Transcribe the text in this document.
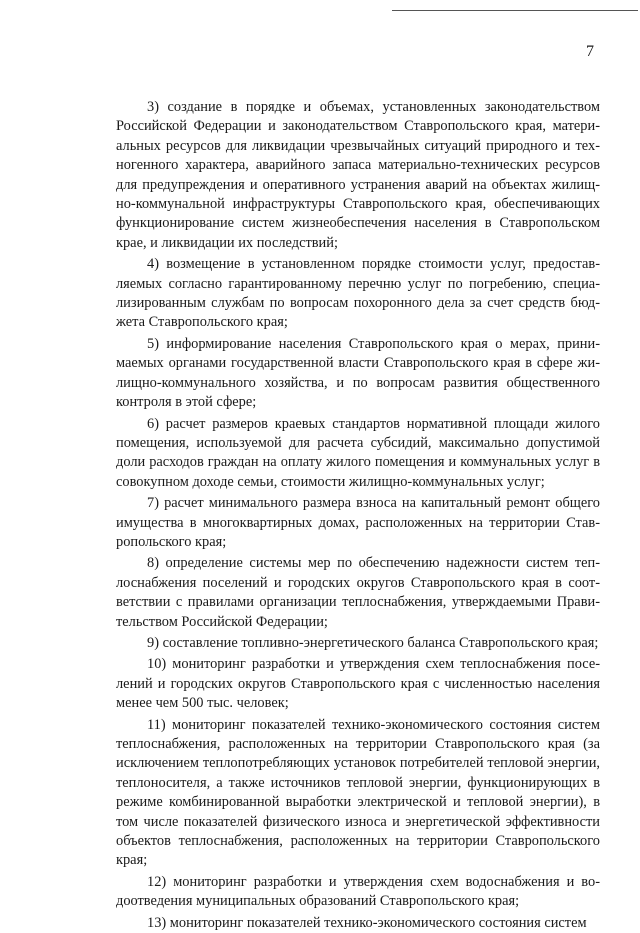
7

3) создание в порядке и объемах, установленных законодательством Российской Федерации и законодательством Ставропольского края, материальных ресурсов для ликвидации чрезвычайных ситуаций природного и техногенного характера, аварийного запаса материально-технических ресурсов для предупреждения и оперативного устранения аварий на объектах жилищно-коммунальной инфраструктуры Ставропольского края, обеспечивающих функционирование систем жизнеобеспечения населения в Ставропольском крае, и ликвидации их последствий;

4) возмещение в установленном порядке стоимости услуг, предоставляемых согласно гарантированному перечню услуг по погребению, специализированным службам по вопросам похоронного дела за счет средств бюджета Ставропольского края;

5) информирование населения Ставропольского края о мерах, принимаемых органами государственной власти Ставропольского края в сфере жилищно-коммунального хозяйства, и по вопросам развития общественного контроля в этой сфере;

6) расчет размеров краевых стандартов нормативной площади жилого помещения, используемой для расчета субсидий, максимально допустимой доли расходов граждан на оплату жилого помещения и коммунальных услуг в совокупном доходе семьи, стоимости жилищно-коммунальных услуг;

7) расчет минимального размера взноса на капитальный ремонт общего имущества в многоквартирных домах, расположенных на территории Ставропольского края;

8) определение системы мер по обеспечению надежности систем теплоснабжения поселений и городских округов Ставропольского края в соответствии с правилами организации теплоснабжения, утверждаемыми Правительством Российской Федерации;

9) составление топливно-энергетического баланса Ставропольского края;

10) мониторинг разработки и утверждения схем теплоснабжения поселений и городских округов Ставропольского края с численностью населения менее чем 500 тыс. человек;

11) мониторинг показателей технико-экономического состояния систем теплоснабжения, расположенных на территории Ставропольского края (за исключением теплопотребляющих установок потребителей тепловой энергии, теплоносителя, а также источников тепловой энергии, функционирующих в режиме комбинированной выработки электрической и тепловой энергии), в том числе показателей физического износа и энергетической эффективности объектов теплоснабжения, расположенных на территории Ставропольского края;

12) мониторинг разработки и утверждения схем водоснабжения и водоотведения муниципальных образований Ставропольского края;

13) мониторинг показателей технико-экономического состояния систем
